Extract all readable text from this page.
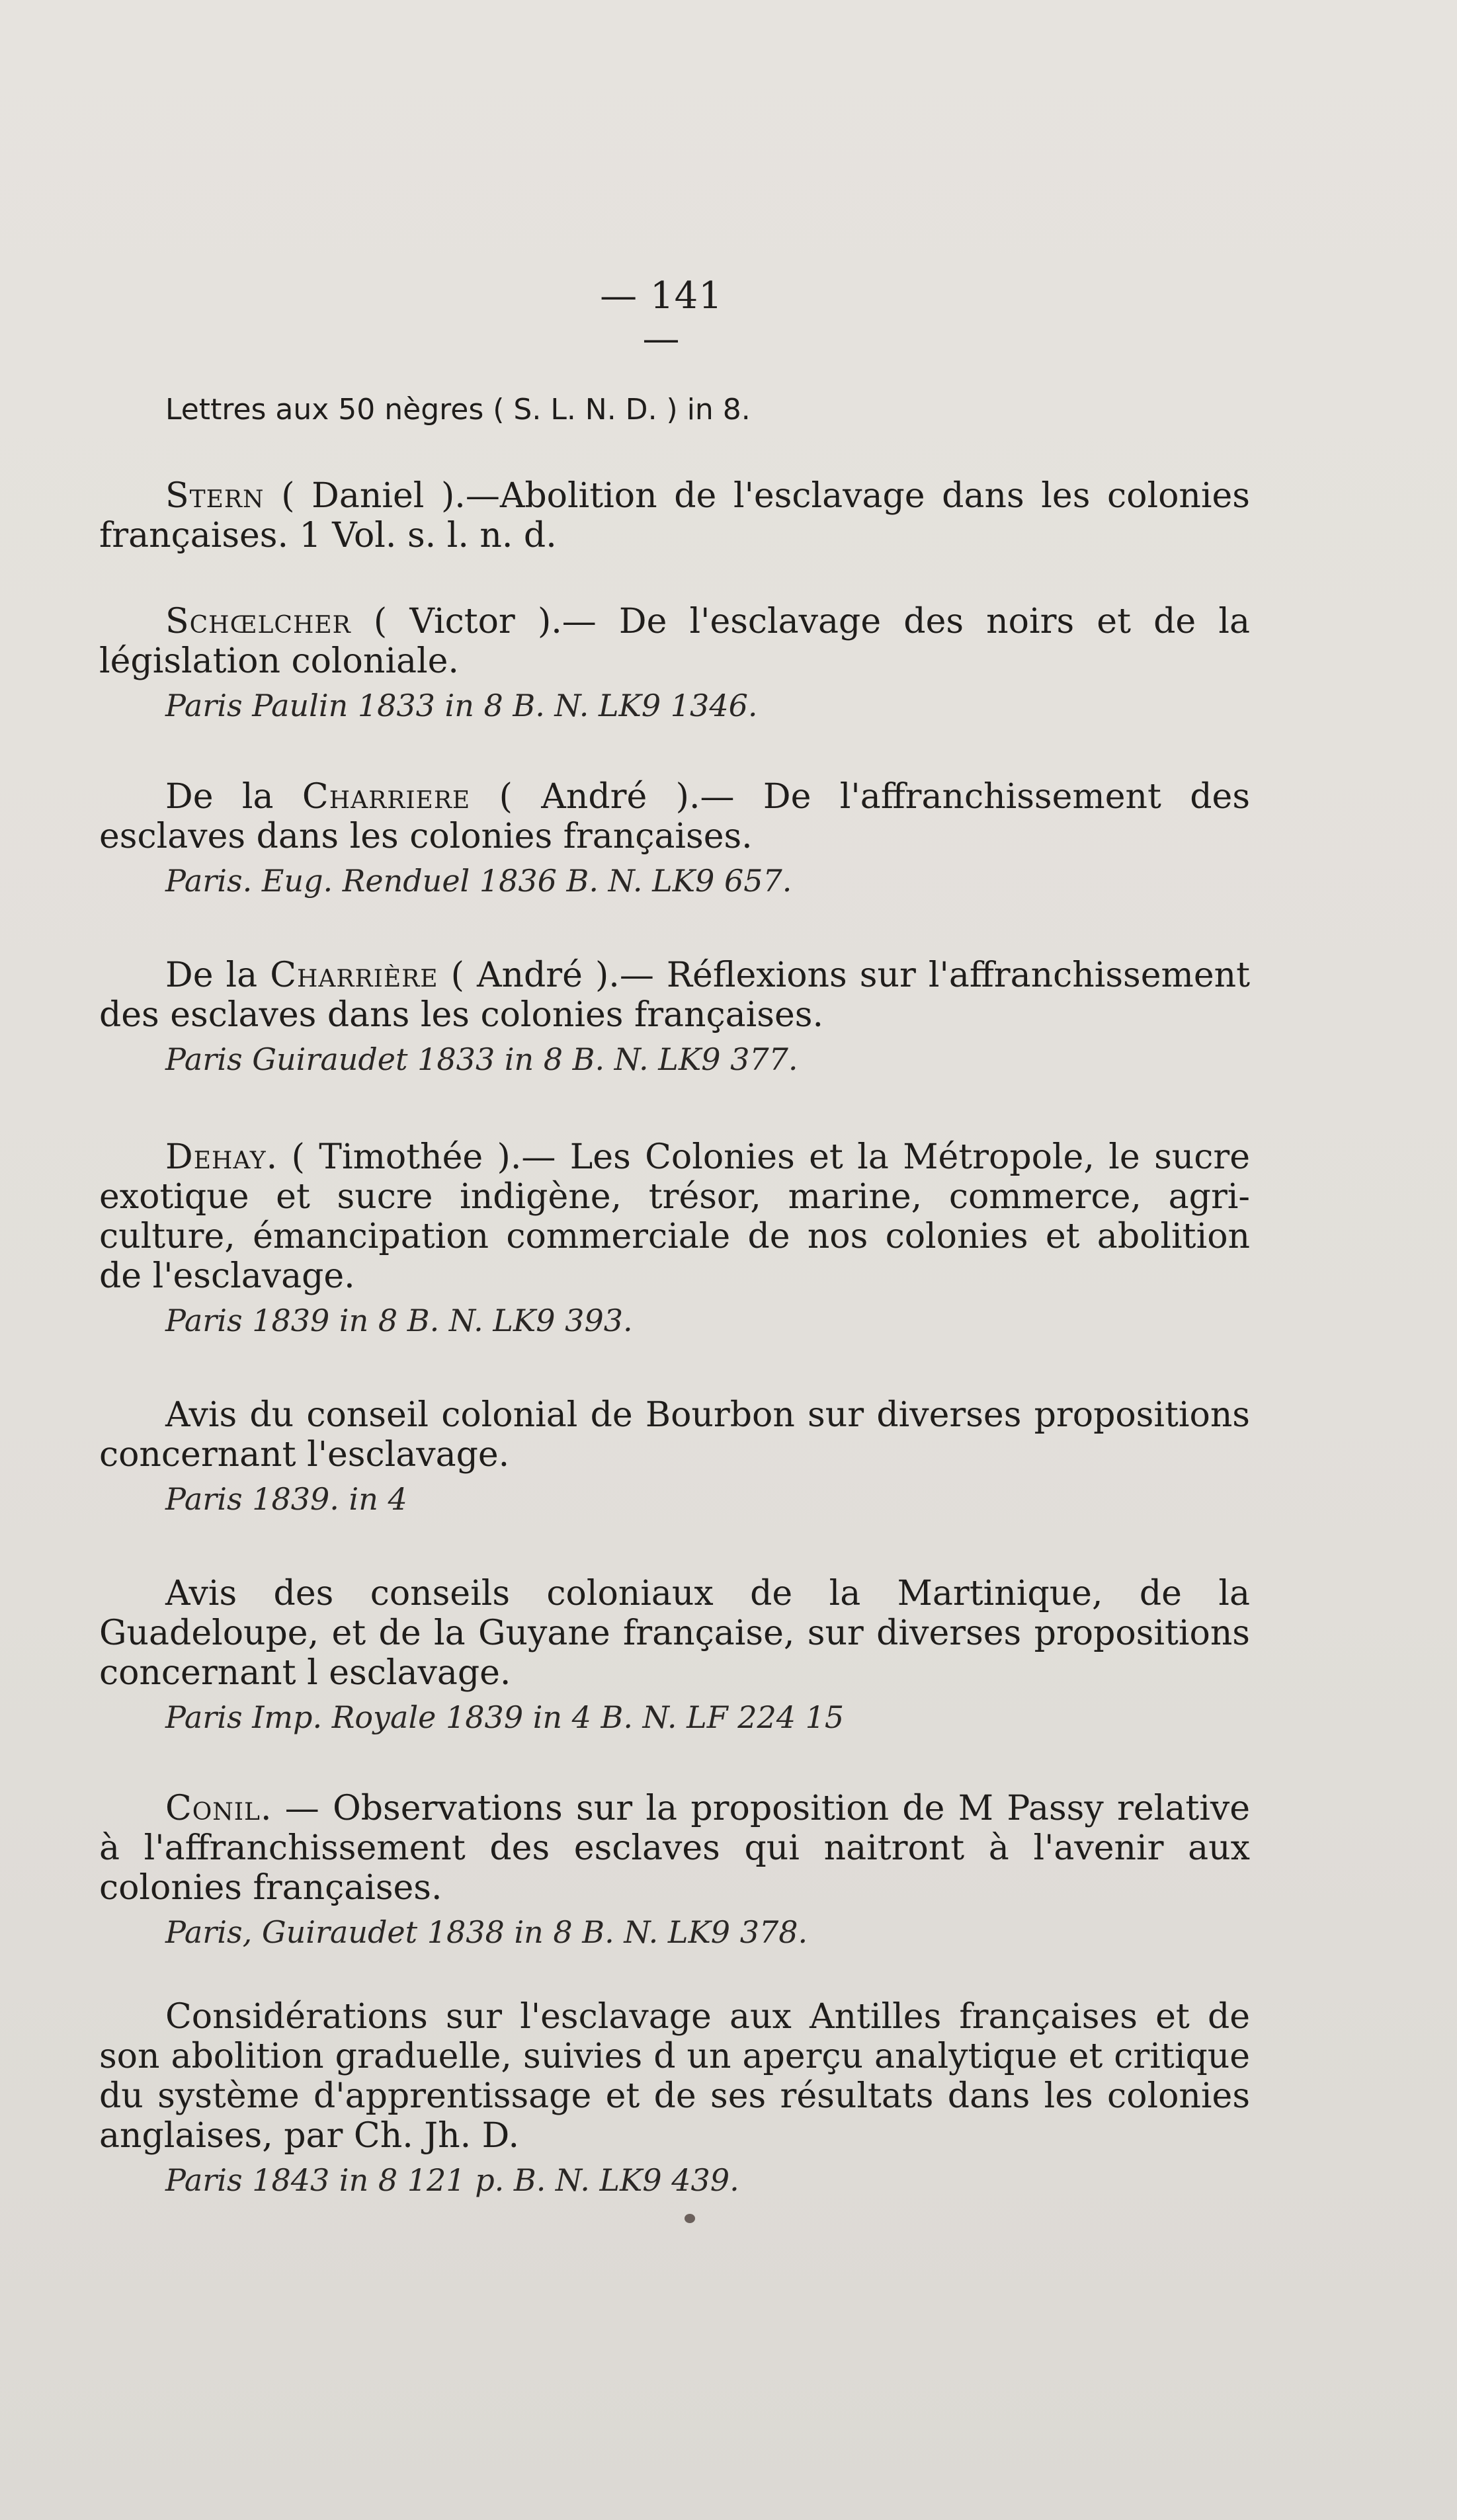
— 141 —

Lettres aux 50 nègres ( S. L. N. D. ) in 8.

Stern ( Daniel ).—Abolition de l'esclavage dans les colonies françaises. 1 Vol. s. l. n. d.

Schœlcher ( Victor ).— De l'esclavage des noirs et de la législation coloniale.

Paris Paulin 1833 in 8 B. N. LK9 1346.

De la Charriere ( André ).— De l'affranchissement des esclaves dans les colonies françaises.

Paris. Eug. Renduel 1836 B. N. LK9 657.

De la Charrière ( André ).— Réflexions sur l'affranchissement des esclaves dans les colonies françaises.

Paris Guiraudet 1833 in 8 B. N. LK9 377.

Dehay. ( Timothée ).— Les Colonies et la Métropole, le sucre exotique et sucre indigène, trésor, marine, commerce, agri- culture, émancipation commerciale de nos colonies et abolition de l'esclavage.

Paris 1839 in 8 B. N. LK9 393.

Avis du conseil colonial de Bourbon sur diverses propositions concernant l'esclavage.

Paris 1839. in 4

Avis des conseils coloniaux de la Martinique, de la Guadeloupe, et de la Guyane française, sur diverses propositions concernant l esclavage.

Paris Imp. Royale 1839 in 4 B. N. LF 224 15

Conil. — Observations sur la proposition de M Passy relative à l'affranchissement des esclaves qui naitront à l'avenir aux colonies françaises.

Paris, Guiraudet 1838 in 8 B. N. LK9 378.

Considérations sur l'esclavage aux Antilles françaises et de son abolition graduelle, suivies d un aperçu analytique et critique du système d'apprentissage et de ses résultats dans les colonies anglaises, par Ch. Jh. D.

Paris 1843 in 8 121 p. B. N. LK9 439.
